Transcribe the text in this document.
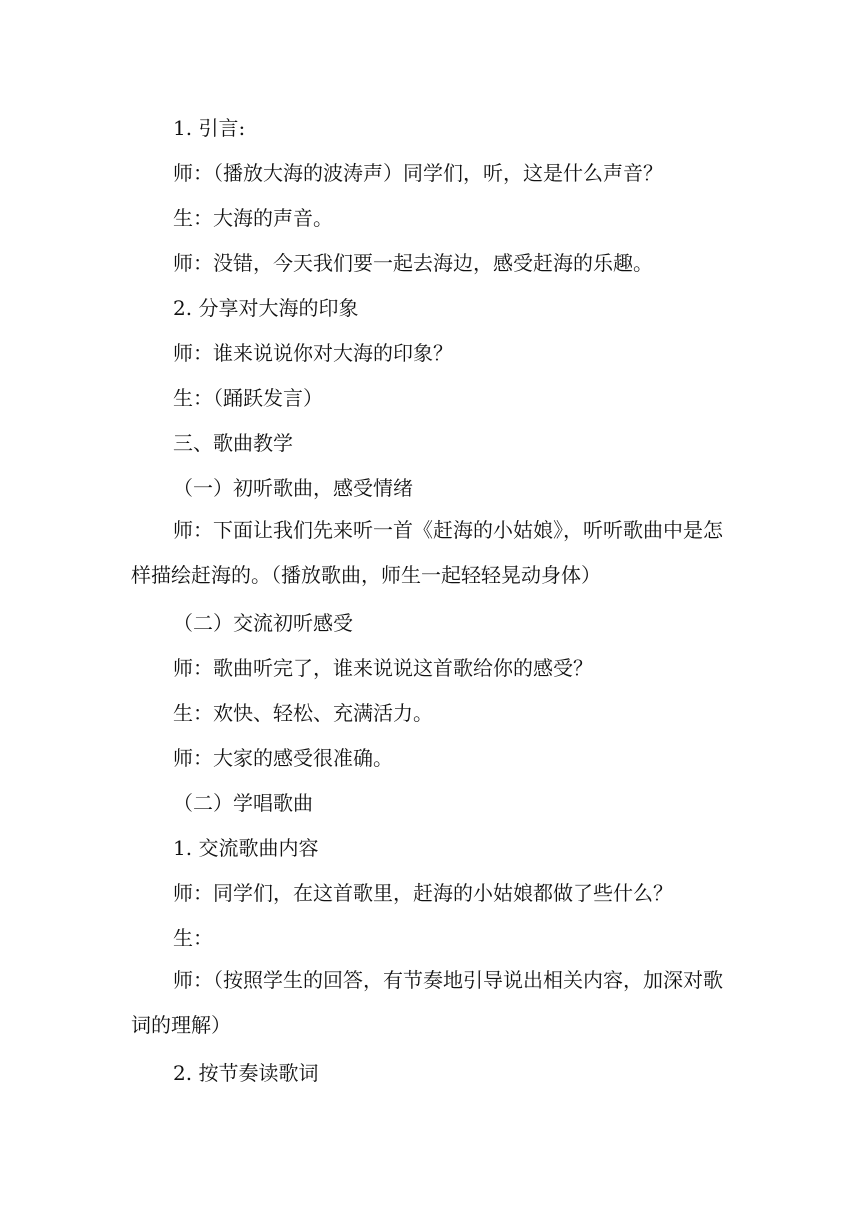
1. 引言:
师：（播放大海的波涛声）同学们，听，这是什么声音？
生：大海的声音。
师：没错，今天我们要一起去海边，感受赶海的乐趣。
2. 分享对大海的印象
师：谁来说说你对大海的印象？
生：（踊跃发言）
三、歌曲教学
（一）初听歌曲，感受情绪
师：下面让我们先来听一首《赶海的小姑娘》，听听歌曲中是怎样描绘赶海的。（播放歌曲，师生一起轻轻晃动身体）
（二）交流初听感受
师：歌曲听完了，谁来说说这首歌给你的感受？
生：欢快、轻松、充满活力。
师：大家的感受很准确。
（二）学唱歌曲
1. 交流歌曲内容
师：同学们，在这首歌里，赶海的小姑娘都做了些什么？
生：
师：（按照学生的回答，有节奏地引导说出相关内容，加深对歌词的理解）
2. 按节奏读歌词
